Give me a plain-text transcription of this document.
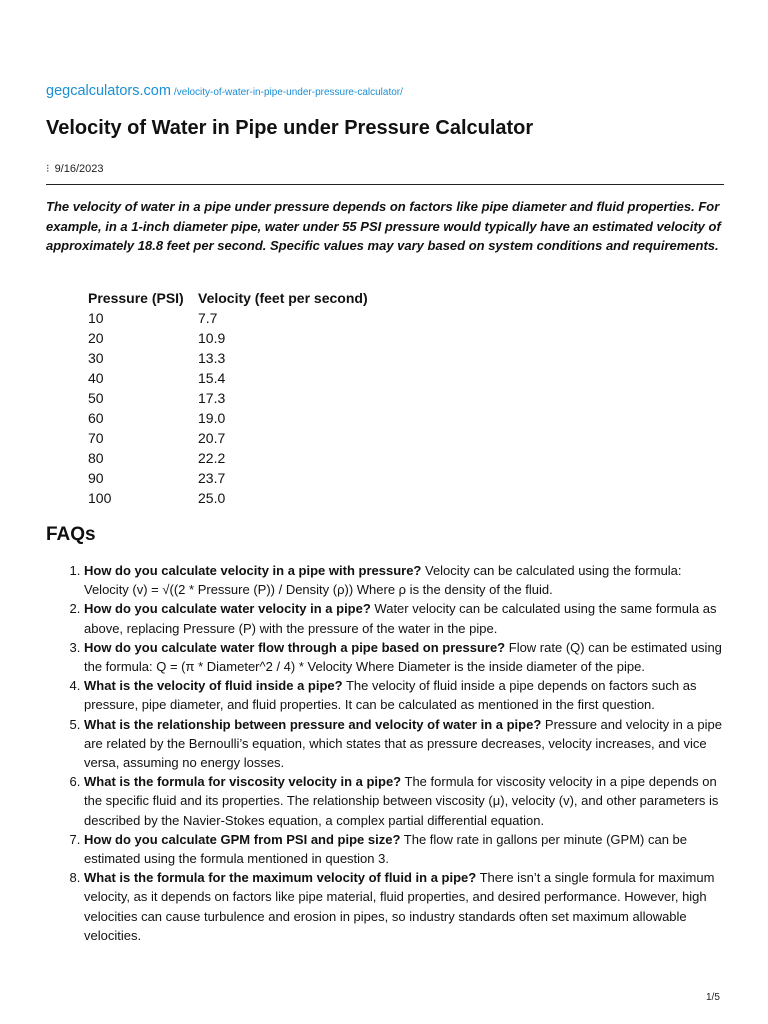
gegcalculators.com /velocity-of-water-in-pipe-under-pressure-calculator/
Velocity of Water in Pipe under Pressure Calculator
⁝ 9/16/2023

The velocity of water in a pipe under pressure depends on factors like pipe diameter and fluid properties. For example, in a 1-inch diameter pipe, water under 55 PSI pressure would typically have an estimated velocity of approximately 18.8 feet per second. Specific values may vary based on system conditions and requirements.

Pressure (PSI)	Velocity (feet per second)
10	7.7
20	10.9
30	13.3
40	15.4
50	17.3
60	19.0
70	20.7
80	22.2
90	23.7
100	25.0
FAQs
1. How do you calculate velocity in a pipe with pressure? Velocity can be calculated using the formula: Velocity (v) = √((2 * Pressure (P)) / Density (ρ)) Where ρ is the density of the fluid.
2. How do you calculate water velocity in a pipe? Water velocity can be calculated using the same formula as above, replacing Pressure (P) with the pressure of the water in the pipe.
3. How do you calculate water flow through a pipe based on pressure? Flow rate (Q) can be estimated using the formula: Q = (π * Diameter^2 / 4) * Velocity Where Diameter is the inside diameter of the pipe.
4. What is the velocity of fluid inside a pipe? The velocity of fluid inside a pipe depends on factors such as pressure, pipe diameter, and fluid properties. It can be calculated as mentioned in the first question.
5. What is the relationship between pressure and velocity of water in a pipe? Pressure and velocity in a pipe are related by the Bernoulli’s equation, which states that as pressure decreases, velocity increases, and vice versa, assuming no energy losses.
6. What is the formula for viscosity velocity in a pipe? The formula for viscosity velocity in a pipe depends on the specific fluid and its properties. The relationship between viscosity (μ), velocity (v), and other parameters is described by the Navier-Stokes equation, a complex partial differential equation.
7. How do you calculate GPM from PSI and pipe size? The flow rate in gallons per minute (GPM) can be estimated using the formula mentioned in question 3.
8. What is the formula for the maximum velocity of fluid in a pipe? There isn’t a single formula for maximum velocity, as it depends on factors like pipe material, fluid properties, and desired performance. However, high velocities can cause turbulence and erosion in pipes, so industry standards often set maximum allowable velocities.
1/5
